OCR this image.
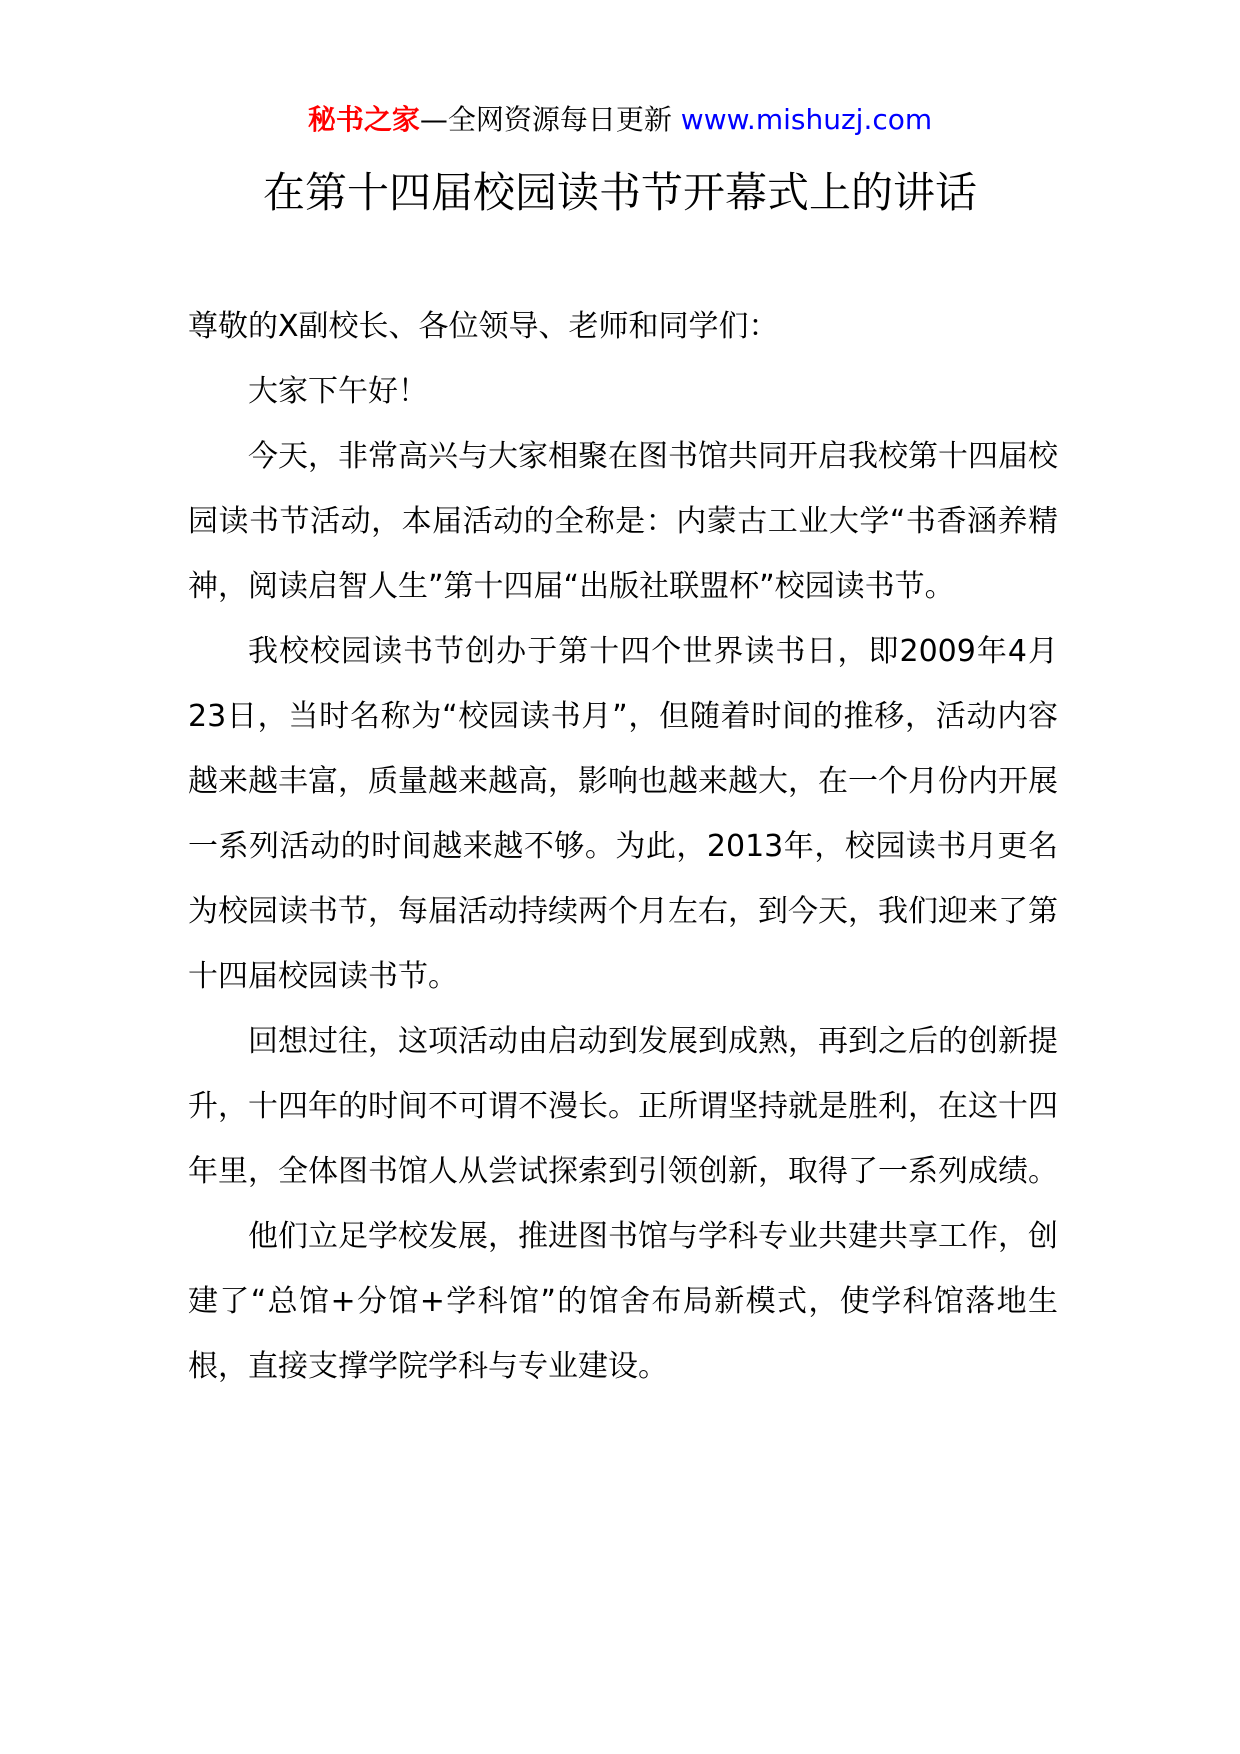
秘书之家—全网资源每日更新 www.mishuzj.com
在第十四届校园读书节开幕式上的讲话

尊敬的X副校长、各位领导、老师和同学们：

大家下午好！

今天，非常高兴与大家相聚在图书馆共同开启我校第十四届校园读书节活动，本届活动的全称是：内蒙古工业大学“书香涵养精神，阅读启智人生”第十四届“出版社联盟杯”校园读书节。

我校校园读书节创办于第十四个世界读书日，即2009年4月23日，当时名称为“校园读书月”，但随着时间的推移，活动内容越来越丰富，质量越来越高，影响也越来越大，在一个月份内开展一系列活动的时间越来越不够。为此，2013年，校园读书月更名为校园读书节，每届活动持续两个月左右，到今天，我们迎来了第十四届校园读书节。

回想过往，这项活动由启动到发展到成熟，再到之后的创新提升，十四年的时间不可谓不漫长。正所谓坚持就是胜利，在这十四年里，全体图书馆人从尝试探索到引领创新，取得了一系列成绩。

他们立足学校发展，推进图书馆与学科专业共建共享工作，创建了“总馆+分馆+学科馆”的馆舍布局新模式，使学科馆落地生根，直接支撑学院学科与专业建设。
